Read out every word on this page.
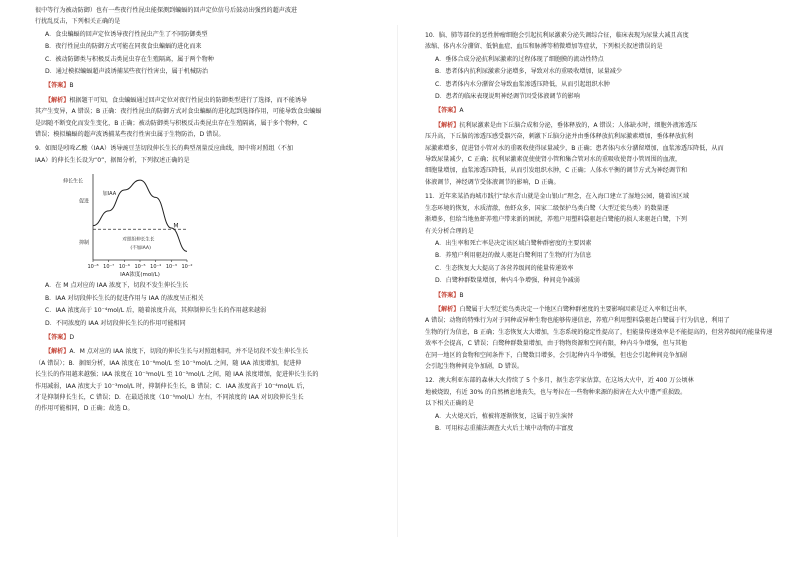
很中等行为被动防御）也有一些夜行性昆虫能探测到蝙蝠的回声定位信号后鼓动出强烈的超声波进

行扰乱反击，下列相关正确的是

A．食虫蝙蝠的回声定位诱导夜行性昆虫产生了不同防御类型

B．夜行性昆虫的防御方式可能在同夜食虫蝙蝠的进化而来

C．被动防御类与积极反击类昆虫存在生殖隔离，属于两个物种

D．通过模拟蝙蝠超声波诱捕某些夜行性害虫，属于机械防治

【答案】B

【解析】根据题干可知，食虫蝙蝠通过回声定位对夜行性昆虫的防御类型进行了选择，而不能诱导

其产生变异，A 错误；B 正确：夜行性昆虫的防御方式对食虫蝙蝠的进化起到选择作用，可能导致食虫蝙蝠

是因随不断变化而发生变化，B 正确；被动防御类与积极反击类昆虫存在生殖隔离，属于多个物种，C

错误；模拟蝙蝠的超声波诱捕某些夜行性害虫属于生物防治，D 错误。

9．如图是吲哚乙酸（IAA）诱导豌豆茎切段伸长生长的典型剂量反应曲线，图中将对照组（不加

IAA）的伸长生长设为“0”，据图分析，下列叙述正确的是

10⁻⁸ 10⁻⁷ 10⁻⁶ 10⁻⁵ 10⁻⁴ 10⁻³ 10⁻²
IAA浓度(mol/L)
促进
抑制
伸长生长
加IAA
对照组伸长生长
(不加IAA)
M

A．在 M 点对应的 IAA 浓度下，切段不发生伸长生长

B．IAA 对切段伸长生长的促进作用与 IAA 的浓度呈正相关

C．IAA 浓度高于 10⁻⁴mol/L 后，随着浓度升高，其抑制伸长生长的作用越来越弱

D．不同浓度的 IAA 对切段伸长生长的作用可能相同

【答案】D

【解析】A．M 点对应的 IAA 浓度下，切段的伸长生长与对照组相同，并不是切段不发生伸长生长

（A 错误）；B．据图分析，IAA 浓度在 10⁻⁸mol/L 至 10⁻⁵mol/L 之间，随 IAA 浓度增加，促进伸

长生长的作用越来越强；IAA 浓度在 10⁻⁵mol/L 至 10⁻³mol/L 之间，随 IAA 浓度增加，促进伸长生长的

作用减弱，IAA 浓度大于 10⁻³mol/L 时，抑制伸长生长，B 错误；C．IAA 浓度高于 10⁻⁴mol/L 后，

才是抑制伸长生长，C 错误；D．在最适浓度（10⁻⁵mol/L）左右，不同浓度的 IAA 对切段伸长生长

的作用可能相同，D 正确；故选 D。

10．脑、肺等部位的恶性肿瘤细胞会引起抗利尿激素分泌失调综合征，临床表现为尿量大减且高度

浓缩、体内水分潴留、低钠血症、血压和脉搏等稍微增加等症状，下列相关叙述错误的是

A．垂体合成分泌抗利尿激素的过程体现了细胞膜的流动性特点

B．患者体内抗利尿激素分泌增多，导致对水的重吸收增加，尿量减少

C．患者体内水分潴留会导致血浆渗透压降低，从而引起组织水肿

D．患者的临床表现说明神经调节因受体液调节的影响

【答案】A

【解析】抗利尿激素是由下丘脑合成和分泌，垂体释放的，A 错误；人体缺水时，细胞外液渗透压

压升高，下丘脑的渗透压感受器兴奋，刺激下丘脑分泌并由垂体释放抗利尿激素增加，垂体释放抗利

尿激素增多，促进肾小管对水的重吸收使得尿量减少，B 正确；患者体内水分潴留增加，血浆渗透压降低，从而

导致尿量减少，C 正确；抗利尿激素促使使肾小管和集合管对水的重吸收使肾小管周围的血液，

细胞量增加，血浆渗透压降低，从而引发组织水肿，C 正确；人体水平衡的调节方式为神经调节和

体液调节，神经调节受体液调节的影响，D 正确。

11．近年来某沿海城市践行“绿水青山就是金山银山”理念，在入海口建立了湿地公园，随着该区域

生态环境的恢复，水质清澈，鱼虾众多，国家二级保护鸟类白鹭（大型迁徙鸟类）的数量逐

渐增多，但给当地鱼虾养殖户带来新的困扰，养殖户用塑料袋驱赶白鹭能的损人来驱赶白鹭，下列

有关分析合理的是

A．出生率和死亡率是决定该区域白鹭种群密度的主要因素

B．养殖户利用驱赶的做人驱赶白鹭利用了生物的行为信息

C．生态恢复大大提高了各营养级间的能量传递效率

D．白鹭种群数量增加，种内斗争增强，种间竞争减弱

【答案】B

【解析】白鹭属于大型迁徙鸟类决定一个地区白鹭种群密度的主要影响因素是迁入率和迁出率，

A 错误；动物的特殊行为对于同种或异种生物也能够传递信息，养殖户利用塑料袋驱赶白鹭属于行为信息，利用了

生物的行为信息，B 正确；生态恢复大大增加，生态系统的稳定性提高了，但能量传递效率是不能提高的，但营养级间的能量传递

效率不会提高，C 错误；白鹭种群数量增加，由于物物资源和空间有限，种内斗争增强，但与其他

在同一地区的食物和空间条件下，白鹭数目增多，会引起种内斗争增强，但也会引起种间竞争加剧

会引起生物种间竞争加剧，D 错误。

12．澳大利亚东部的森林大火持续了 5 个多月，据生态学家估算，在这场大火中，近 400 万公顷林

地被烧毁，有近 30% 的自然栖息地丧失，也与考拉在一些物种来源的损害在大火中遭严重损毁。

以下相关正确的是

A．大火熄灭后，植被将逐渐恢复，这属于初生演替

B．可用标志重捕法调查大火后土壤中动物的丰富度
